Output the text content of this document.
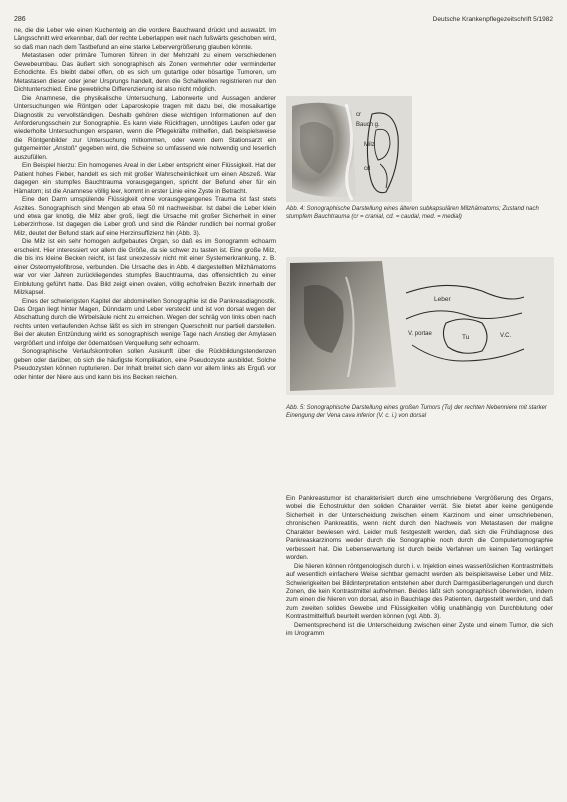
286	Deutsche Krankenpflegezeitschrift 5/1982

ne, die die Leber wie einen Kuchenteig an die vordere Bauchwand drückt und auswalzt. Im Längsschnitt wird erkennbar, daß der rechte Leberlappen weit nach fußwärts geschoben wird, so daß man nach dem Tastbefund an eine starke Lebervergrößerung glauben könnte.

Metastasen oder primäre Tumoren führen in der Mehrzahl zu einem verschiedenen Gewebeumbau. Das äußert sich sonographisch als Zonen vermehrter oder verminderter Echodichte. Es bleibt dabei offen, ob es sich um gutartige oder bösartige Tumoren, um Metastasen dieser oder jener Ursprungs handelt, denn die Schallwellen registrieren nur den Dichtunterschied. Eine gewebliche Differenzierung ist also nicht möglich.

Die Anamnese, die physikalische Untersuchung, Laborwerte und Aussagen anderer Untersuchungen wie Röntgen oder Laparoskopie tragen mit dazu bei, die mosaikartige Diagnostik zu vervollständigen. Deshalb gehören diese wichtigen Informationen auf den Anforderungsschein zur Sonographie. Es kann viele Rückfragen, unnötiges Laufen oder gar wiederholte Untersuchungen ersparen, wenn die Pflegekräfte mithelfen, daß beispielsweise die Röntgenbilder zur Untersuchung mitkommen, oder wenn dem Stationsarzt ein gutgemeinter „Anstoß“ gegeben wird, die Scheine so umfassend wie notwendig und leserlich auszufüllen.

Ein Beispiel hierzu: Ein homogenes Areal in der Leber entspricht einer Flüssigkeit. Hat der Patient hohes Fieber, handelt es sich mit großer Wahrscheinlichkeit um einen Abszeß. War dagegen ein stumpfes Bauchtrauma vorausgegangen, spricht der Befund eher für ein Hämatom; ist die Anamnese völlig leer, kommt in erster Linie eine Zyste in Betracht.

Eine den Darm umspülende Flüssigkeit ohne vorausgegangenes Trauma ist fast stets Aszites. Sonographisch sind Mengen ab etwa 50 ml nachweisbar. Ist dabei die Leber klein und etwa gar knotig, die Milz aber groß, liegt die Ursache mit großer Sicherheit in einer Leberzirrhose. Ist dagegen die Leber groß und sind die Ränder rundlich bei normal großer Milz, deutet der Befund stark auf eine Herzinsuffizienz hin (Abb. 3).

Die Milz ist ein sehr homogen aufgebautes Organ, so daß es im Sonogramm echoarm erscheint. Hier interessiert vor allem die Größe, da sie schwer zu tasten ist. Eine große Milz, die bis ins kleine Becken reicht, ist fast unexzessiv nicht mit einer Systemerkrankung, z. B. einer Osteomyelofibrose, verbunden. Die Ursache des in Abb. 4 dargestellten Milzhämatoms war vor vier Jahren zurückliegendes stumpfes Bauchtrauma, das offensichtlich zu einer Einblutung geführt hatte. Das Bild zeigt einen ovalen, völlig echofreien Bezirk innerhalb der Milzkapsel.

Eines der schwierigsten Kapitel der abdominellen Sonographie ist die Pankreasdiagnostik. Das Organ liegt hinter Magen, Dünndarm und Leber versteckt und ist von dorsal wegen der Abschattung durch die Wirbelsäule nicht zu erreichen. Wegen der schräg von links oben nach rechts unten verlaufenden Achse läßt es sich im strengen Querschnitt nur partiell darstellen. Bei der akuten Entzündung wirkt es sonographisch wenige Tage nach Anstieg der Amylasen vergrößert und infolge der ödematösen Verquellung sehr echoarm.

Sonographische Verlaufskontrollen sollen Auskunft über die Rückbildungstendenzen geben oder darüber, ob sich die häufigste Komplikation, eine Pseudozyste ausbildet. Solche Pseudozysten können rupturieren. Der Inhalt breitet sich dann vor allem links als Erguß vor oder hinter der Niere aus und kann bis ins Becken reichen.

cr
Bauch g.
Milz
cd
Abb. 4: Sonographische Darstellung eines älteren subkapsulären Milzhämatoms; Zustand nach stumpfem Bauchtrauma (cr = cranial, cd. = caudal, med. = medial)
Leber
V. portae	Tu	V.C.
Abb. 5: Sonographische Darstellung eines großen Tumors (Tu) der rechten Nebenniere mit starker Einengung der Vena cava inferior (V. c. i.) von dorsal

Ein Pankreastumor ist charakterisiert durch eine umschriebene Vergrößerung des Organs, wobei die Echostruktur den soliden Charakter verrät. Sie bietet aber keine genügende Sicherheit in der Unterscheidung zwischen einem Karzinom und einer umschriebenen, chronischen Pankreatitis, wenn nicht durch den Nachweis von Metastasen der maligne Charakter bewiesen wird. Leider muß festgestellt werden, daß sich die Frühdiagnose des Pankreaskarzinoms weder durch die Sonographie noch durch die Computertomographie verbessert hat. Die Lebenserwartung ist durch beide Verfahren um keinen Tag verlängert worden.

Die Nieren können röntgenologisch durch i. v. Injektion eines wasserlöslichen Kontrastmittels auf wesentlich einfachere Weise sichtbar gemacht werden als beispielsweise Leber und Milz. Schwierigkeiten bei Bildinterpretation entstehen aber durch Darmgasüberlagerungen und durch Zonen, die kein Kontrastmittel aufnehmen. Beides läßt sich sonographisch überwinden, indem zum einen die Nieren von dorsal, also in Bauchlage des Patienten, dargestellt werden, und daß zum zweiten solides Gewebe und Flüssigkeiten völlig unabhängig von Durchblutung oder Kontrastmittelfluß beurteilt werden können (vgl. Abb. 3).

Dementsprechend ist die Unterscheidung zwischen einer Zyste und einem Tumor, die sich im Urogramm
